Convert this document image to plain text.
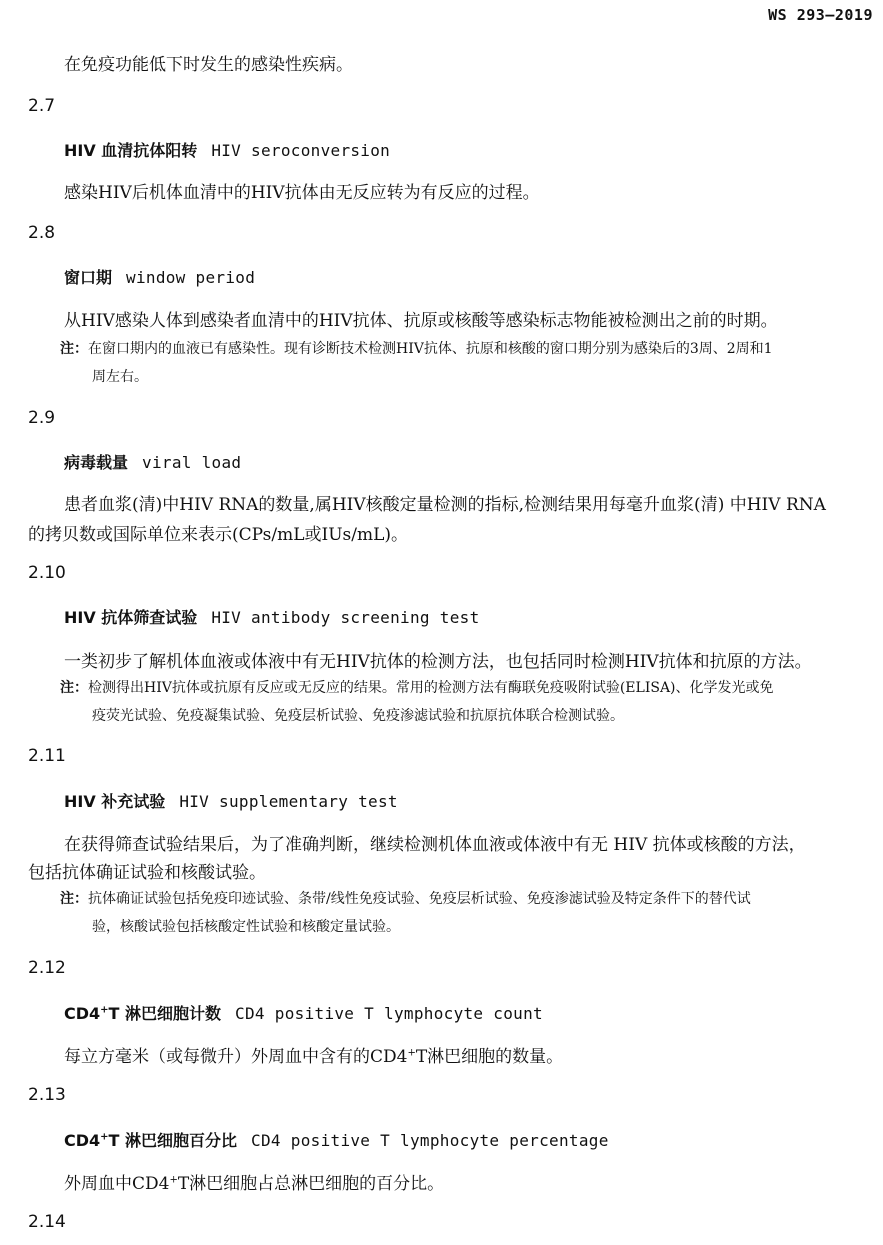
WS 293—2019
在免疫功能低下时发生的感染性疾病。
2.7
HIV 血清抗体阳转 HIV seroconversion
感染HIV后机体血清中的HIV抗体由无反应转为有反应的过程。
2.8
窗口期 window period
从HIV感染人体到感染者血清中的HIV抗体、抗原或核酸等感染标志物能被检测出之前的时期。
注：在窗口期内的血液已有感染性。现有诊断技术检测HIV抗体、抗原和核酸的窗口期分别为感染后的3周、2周和1
周左右。
2.9
病毒载量 viral load
患者血浆(清)中HIV RNA的数量,属HIV核酸定量检测的指标,检测结果用每毫升血浆(清) 中HIV RNA
的拷贝数或国际单位来表示(CPs/mL或IUs/mL)。
2.10
HIV 抗体筛查试验 HIV antibody screening test
一类初步了解机体血液或体液中有无HIV抗体的检测方法，也包括同时检测HIV抗体和抗原的方法。
注：检测得出HIV抗体或抗原有反应或无反应的结果。常用的检测方法有酶联免疫吸附试验(ELISA)、化学发光或免
疫荧光试验、免疫凝集试验、免疫层析试验、免疫渗滤试验和抗原抗体联合检测试验。
2.11
HIV 补充试验 HIV supplementary test
在获得筛查试验结果后，为了准确判断，继续检测机体血液或体液中有无 HIV 抗体或核酸的方法，
包括抗体确证试验和核酸试验。
注：抗体确证试验包括免疫印迹试验、条带/线性免疫试验、免疫层析试验、免疫渗滤试验及特定条件下的替代试
验，核酸试验包括核酸定性试验和核酸定量试验。
2.12
CD4+T 淋巴细胞计数 CD4 positive T lymphocyte count
每立方毫米（或每微升）外周血中含有的CD4+T淋巴细胞的数量。
2.13
CD4+T 淋巴细胞百分比 CD4 positive T lymphocyte percentage
外周血中CD4+T淋巴细胞占总淋巴细胞的百分比。
2.14
